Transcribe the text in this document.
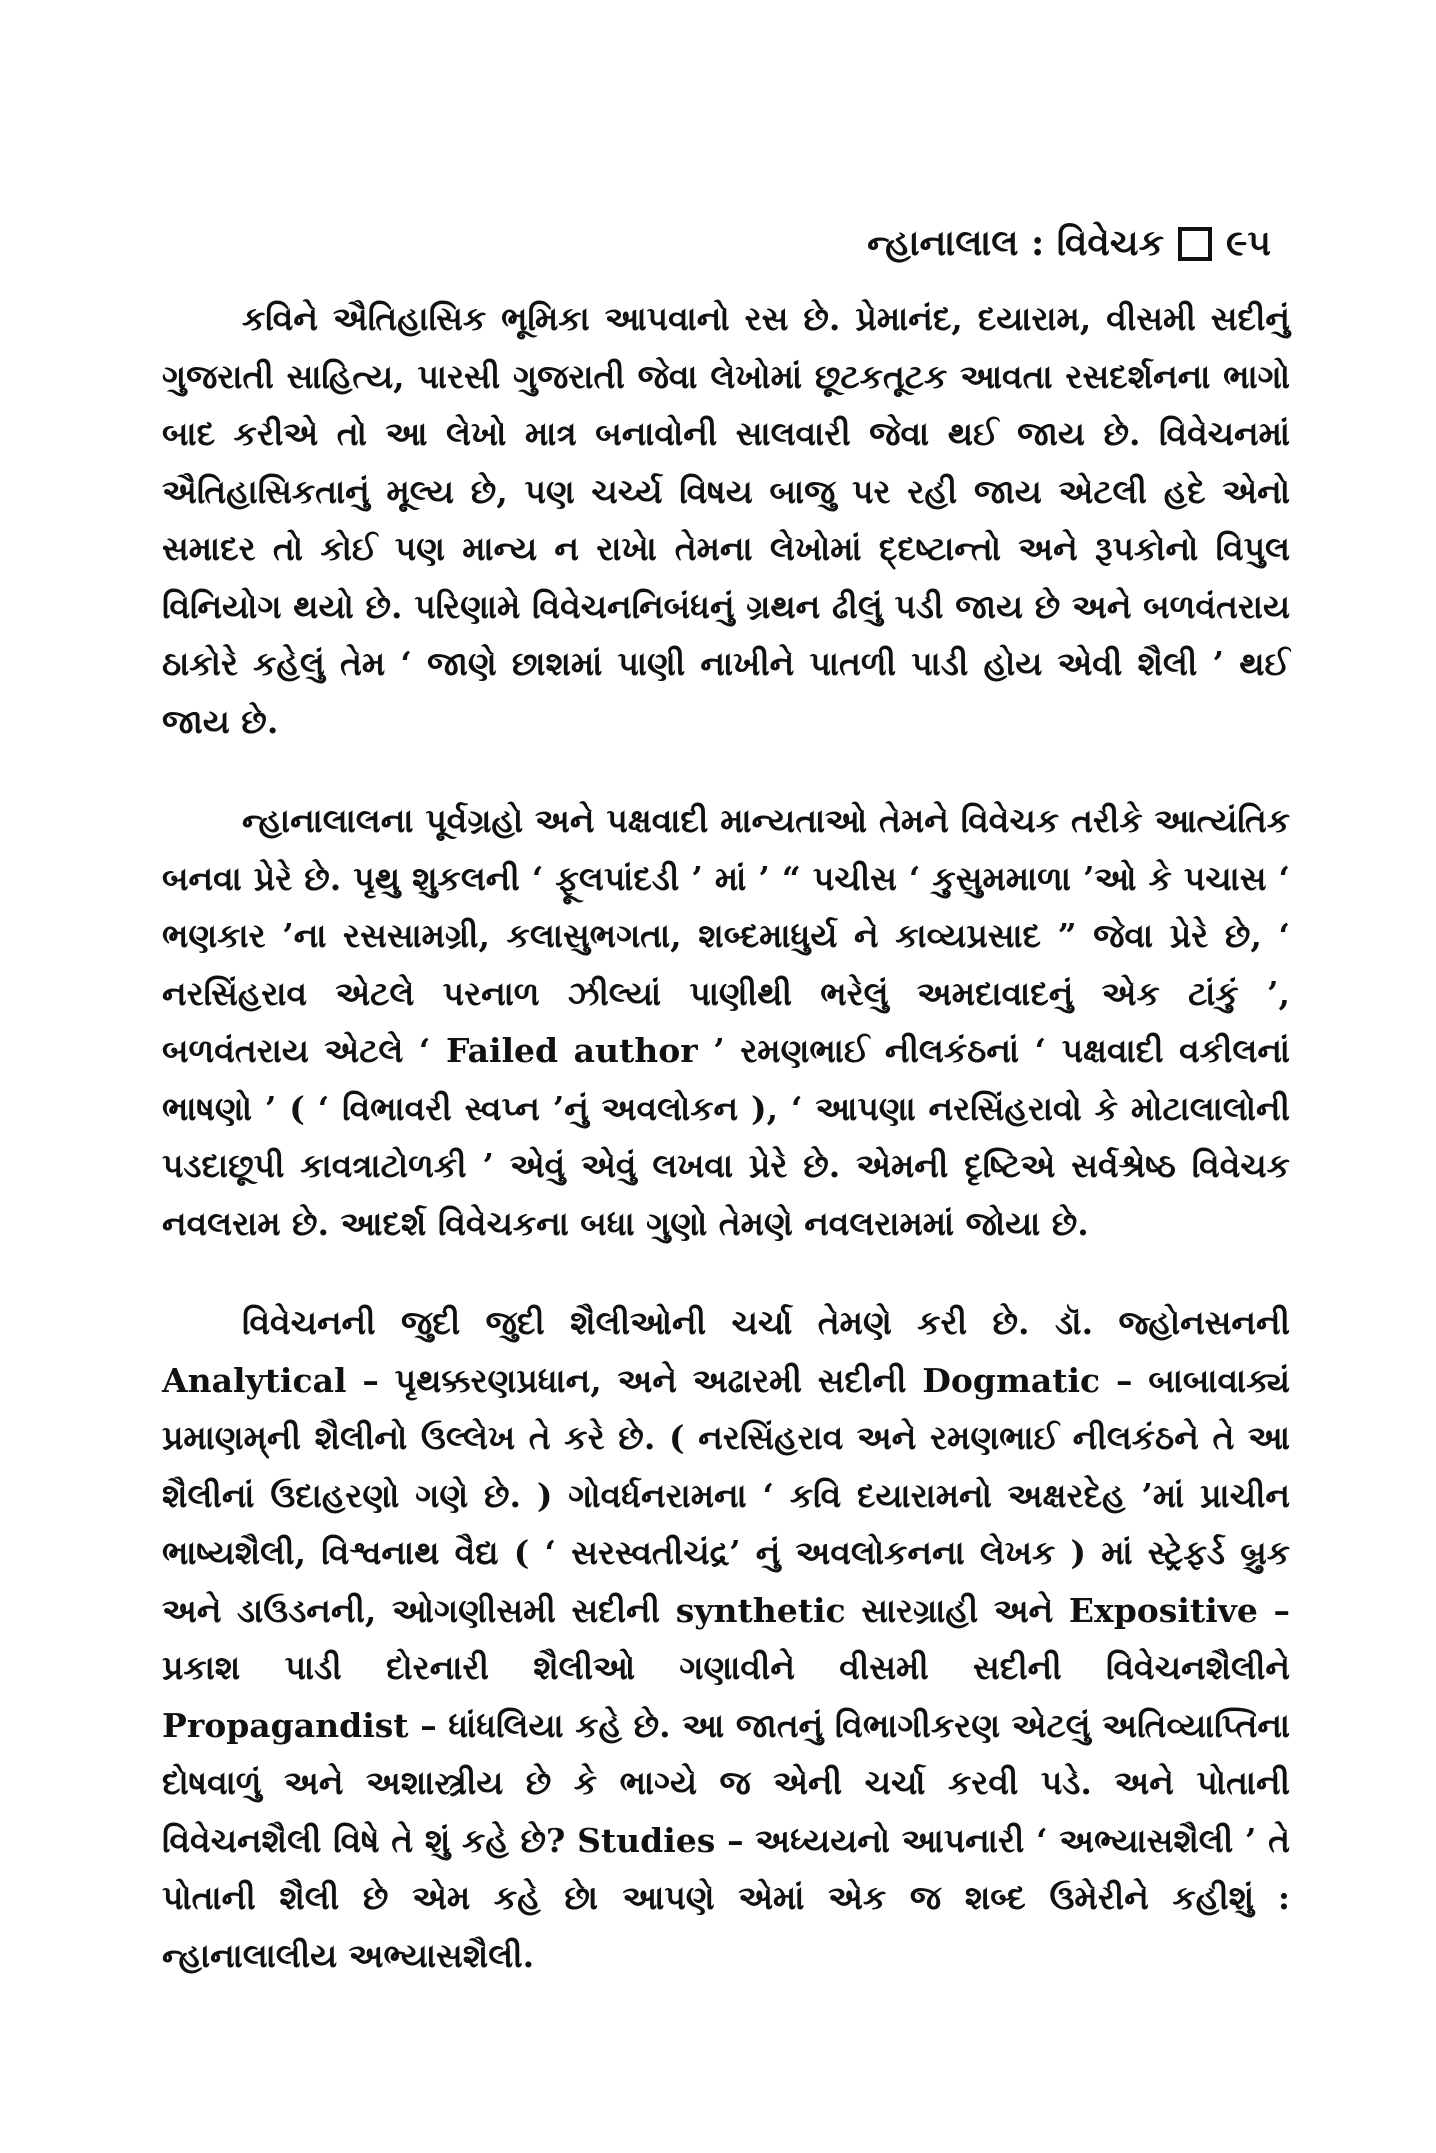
ન્હાનાલાલ : વિવેચક ૯૫

કવિને ઐતિહાસિક ભૂમિકા આપવાનો રસ છે. પ્રેમાનંદ, દયારામ, વીસમી સદીનું ગુજરાતી સાહિત્ય, પારસી ગુજરાતી જેવા લેખોમાં છૂટકતૂટક આવતા રસદર્શનના ભાગો બાદ કરીએ તો આ લેખો માત્ર બનાવોની સાલવારી જેવા થઈ જાય છે. વિવેચનમાં ઐતિહાસિકતાનું મૂલ્ય છે, પણ ચર્ચ્ય વિષય બાજુ પર રહી જાય એટલી હદે એનો સમાદર તો કોઈ પણ માન્ય ન રાખે। તેમના લેખોમાં દ્દષ્ટાન્તો અને રૂપકોનો વિપુલ વિનિયોગ થયો છે. પરિણામે વિવેચનનિબંધનું ગ્રથન ઢીલું પડી જાય છે અને બળવંતરાય ઠાકોરે કહેલું તેમ ‘ જાણે છાશમાં પાણી નાખીને પાતળી પાડી હોય એવી શૈલી ’ થઈ જાય છે.

ન્હાનાલાલના પૂર્વગ્રહો અને પક્ષવાદી માન્યતાઓ તેમને વિવેચક તરીકે આત્યંતિક બનવા પ્રેરે છે. પૃથુ શુકલની ‘ ફૂલપાંદડી ’ માં ’ “ પચીસ ‘ કુસુમમાળા ’ઓ કે પચાસ ‘ ભણકાર ’ના રસસામગ્રી, કલાસુભગતા, શબ્દમાધુર્ય ને કાવ્યપ્રસાદ ” જેવા પ્રેરે છે, ‘ નરસિંહરાવ એટલે પરનાળ ઝીલ્યાં પાણીથી ભરેલું અમદાવાદનું એક ટાંકું ’, બળવંતરાય એટલે ‘ Failed author ’ રમણભાઈ નીલકંઠનાં ‘ પક્ષવાદી વકીલનાં ભાષણો ’ ( ‘ વિભાવરી સ્વપ્ન ’નું અવલોકન ), ‘ આપણા નરસિંહરાવો કે મોટાલાલોની પડદાછૂપી કાવત્રાટોળકી ’ એવું એવું લખવા પ્રેરે છે. એમની દૃષ્ટિએ સર્વશ્રેષ્ઠ વિવેચક નવલરામ છે. આદર્શ વિવેચકના બધા ગુણો તેમણે નવલરામમાં જોયા છે.

વિવેચનની જુદી જુદી શૈલીઓની ચર્ચા તેમણે કરી છે. ડૉ. જ્હોનસનની Analytical – પૃથક્કરણપ્રધાન, અને અઢારમી સદીની Dogmatic – બાબાવાક્યં પ્રમાણમ્‌ની શૈલીનો ઉલ્લેખ તે કરે છે. ( નરસિંહરાવ અને રમણભાઈ નીલકંઠને તે આ શૈલીનાં ઉદાહરણો ગણે છે. ) ગોવર્ધનરામના ‘ કવિ દયારામનો અક્ષરદેહ ’માં પ્રાચીન ભાષ્યશૈલી, વિશ્વનાથ વૈદ્ય ( ‘ સરસ્વતીચંદ્ર’ નું અવલોકનના લેખક ) માં સ્ટ્રેફર્ડ બ્રુક અને ડાઉડનની, ઓગણીસમી સદીની synthetic સારગ્રાહી અને Expositive – પ્રકાશ પાડી દોરનારી શૈલીઓ ગણાવીને વીસમી સદીની વિવેચનશૈલીને Propagandist – ધાંધલિયા કહે છે. આ જાતનું વિભાગીકરણ એટલું અતિવ્યાપ્તિના દોષવાળું અને અશાસ્ત્રીય છે કે ભાગ્યે જ એની ચર્ચા કરવી પડે. અને પોતાની વિવેચનશૈલી વિષે તે શું કહે છે? Studies – અધ્યયનો આપનારી ‘ અભ્યાસશૈલી ’ તે પોતાની શૈલી છે એમ કહે છે। આપણે એમાં એક જ શબ્દ ઉમેરીને કહીશું : ન્હાનાલાલીય અભ્યાસશૈલી.
